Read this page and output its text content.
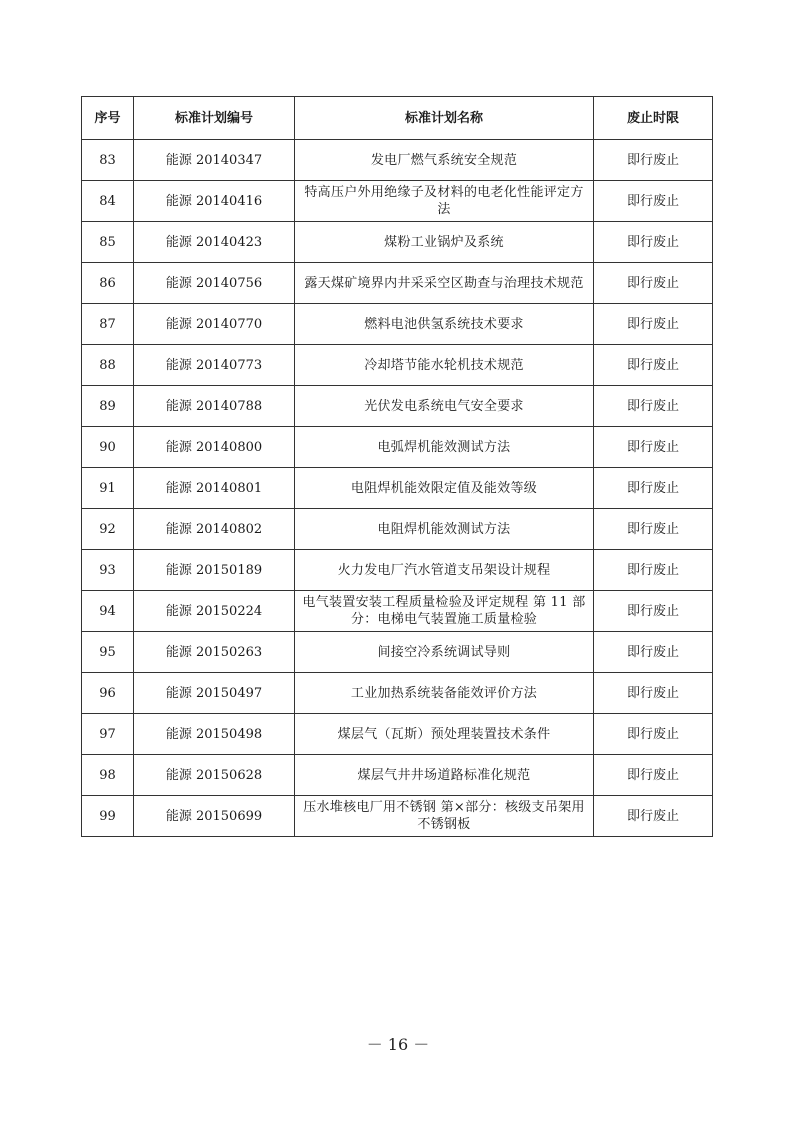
序号	标准计划编号	标准计划名称	废止时限
83	能源 20140347	发电厂燃气系统安全规范	即行废止
84	能源 20140416	特高压户外用绝缘子及材料的电老化性能评定方法	即行废止
85	能源 20140423	煤粉工业锅炉及系统	即行废止
86	能源 20140756	露天煤矿境界内井采采空区勘查与治理技术规范	即行废止
87	能源 20140770	燃料电池供氢系统技术要求	即行废止
88	能源 20140773	冷却塔节能水轮机技术规范	即行废止
89	能源 20140788	光伏发电系统电气安全要求	即行废止
90	能源 20140800	电弧焊机能效测试方法	即行废止
91	能源 20140801	电阻焊机能效限定值及能效等级	即行废止
92	能源 20140802	电阻焊机能效测试方法	即行废止
93	能源 20150189	火力发电厂汽水管道支吊架设计规程	即行废止
94	能源 20150224	电气装置安装工程质量检验及评定规程 第 11 部分：电梯电气装置施工质量检验	即行废止
95	能源 20150263	间接空冷系统调试导则	即行废止
96	能源 20150497	工业加热系统装备能效评价方法	即行废止
97	能源 20150498	煤层气（瓦斯）预处理装置技术条件	即行废止
98	能源 20150628	煤层气井井场道路标准化规范	即行废止
99	能源 20150699	压水堆核电厂用不锈钢 第×部分：核级支吊架用不锈钢板	即行废止
－ 16 －
